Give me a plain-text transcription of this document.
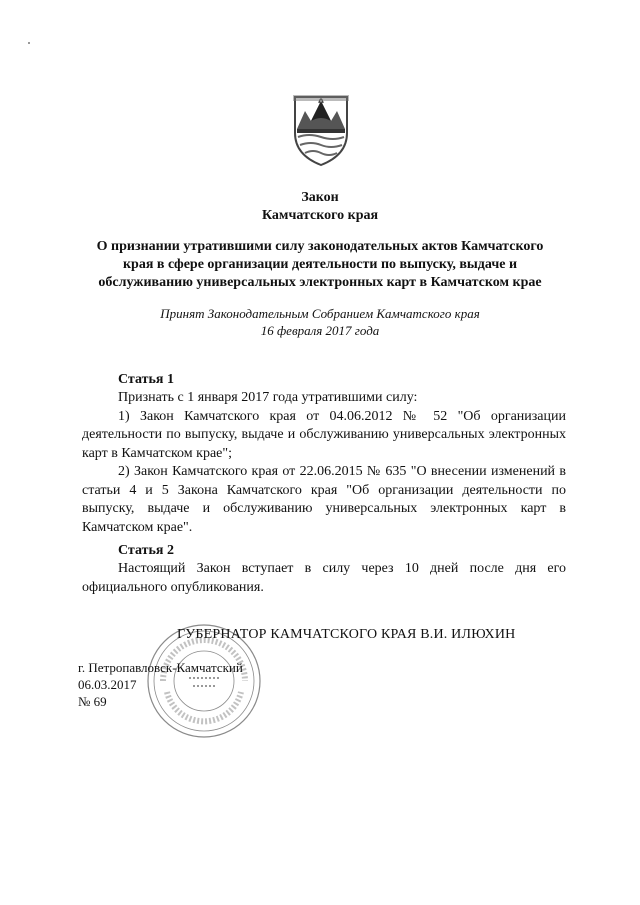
Закон
Камчатского края
О признании утратившими силу законодательных актов Камчатского края в сфере организации деятельности по выпуску, выдаче и обслуживанию универсальных электронных карт в Камчатском крае
Принят Законодательным Собранием Камчатского края
16 февраля 2017 года
Статья 1

Признать с 1 января 2017 года утратившими силу:

1) Закон Камчатского края от 04.06.2012 № 52 "Об организации деятельности по выпуску, выдаче и обслуживанию универсальных электронных карт в Камчатском крае";

2) Закон Камчатского края от 22.06.2015 № 635 "О внесении изменений в статьи 4 и 5 Закона Камчатского края "Об организации деятельности по выпуску, выдаче и обслуживанию универсальных электронных карт в Камчатском крае".

Статья 2

Настоящий Закон вступает в силу через 10 дней после дня его официального опубликования.

ГУБЕРНАТОР КАМЧАТСКОГО КРАЯ В.И. ИЛЮХИН
г. Петропавловск-Камчатский
06.03.2017
№ 69
